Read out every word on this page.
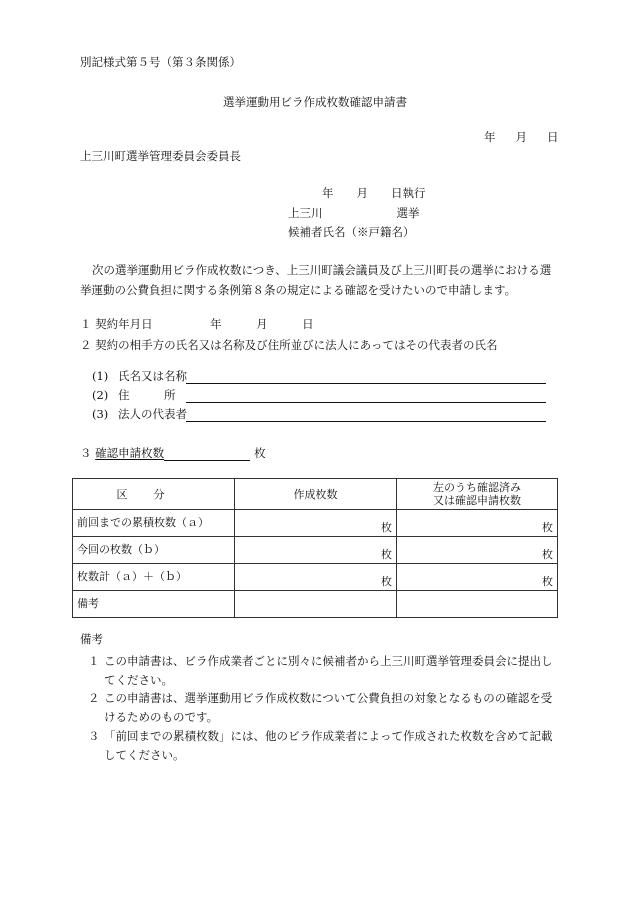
別記様式第５号（第３条関係）
選挙運動用ビラ作成枚数確認申請書
年 月 日
上三川町選挙管理委員会委員長
年　　月　　日執行
上三川	選挙
候補者氏名（※戸籍名）
次の選挙運動用ビラ作成枚数につき、上三川町議会議員及び上三川町長の選挙における選挙運動の公費負担に関する条例第８条の規定による確認を受けたいので申請します。
１ 契約年月日　　　　　年　　　月　　　日
２ 契約の相手方の氏名又は名称及び住所並びに法人にあってはその代表者の氏名
(1) 氏名又は名称
(2) 住　　　所
(3) 法人の代表者
３ 確認申請枚数	枚
区分	作成枚数	左のうち確認済み
又は確認申請枚数
前回までの累積枚数（ａ）	枚	枚
今回の枚数（ｂ）	枚	枚
枚数計（ａ）＋（ｂ）	枚	枚
備考		
備考
１ この申請書は、ビラ作成業者ごとに別々に候補者から上三川町選挙管理委員会に提出してください。
２ この申請書は、選挙運動用ビラ作成枚数について公費負担の対象となるものの確認を受けるためのものです。
３ 「前回までの累積枚数」には、他のビラ作成業者によって作成された枚数を含めて記載してください。
